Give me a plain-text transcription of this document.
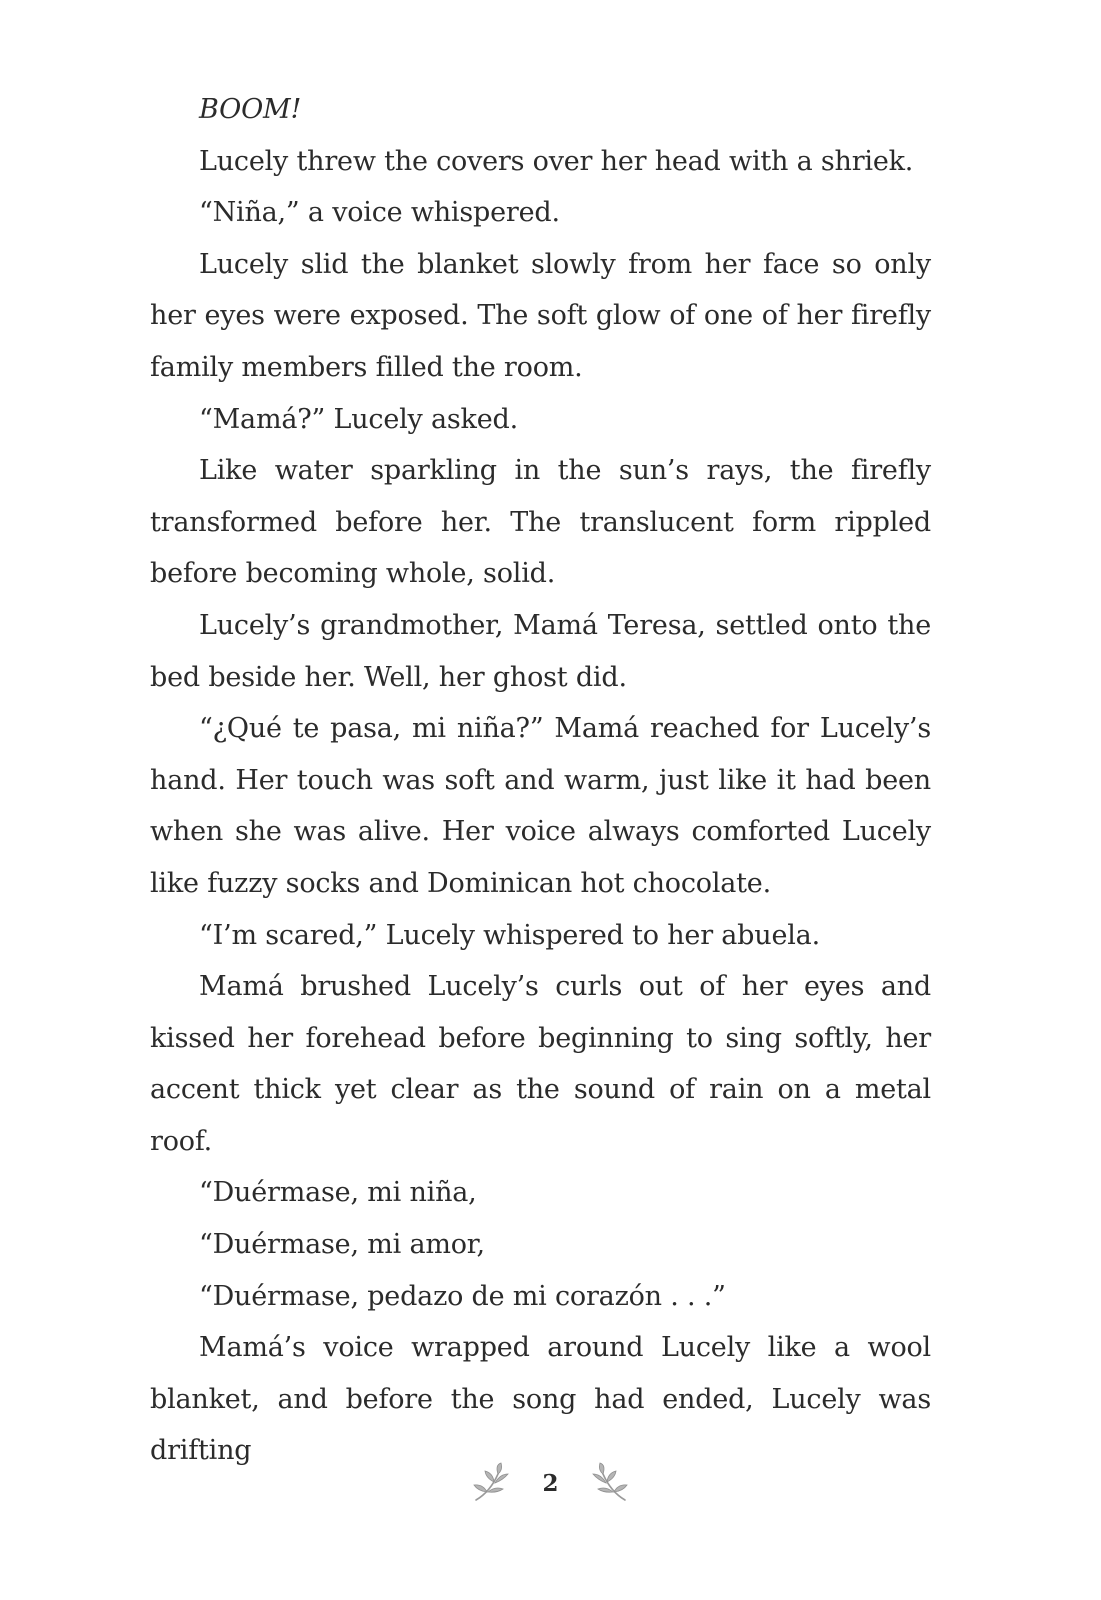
BOOM!

Lucely threw the covers over her head with a shriek.

“Niña,” a voice whispered.

Lucely slid the blanket slowly from her face so only her eyes were exposed. The soft glow of one of her firefly family members filled the room.

“Mamá?” Lucely asked.

Like water sparkling in the sun’s rays, the firefly transformed before her. The translucent form rippled before becoming whole, solid.

Lucely’s grandmother, Mamá Teresa, settled onto the bed beside her. Well, her ghost did.

“¿Qué te pasa, mi niña?” Mamá reached for Lucely’s hand. Her touch was soft and warm, just like it had been when she was alive. Her voice always comforted Lucely like fuzzy socks and Dominican hot chocolate.

“I’m scared,” Lucely whispered to her abuela.

Mamá brushed Lucely’s curls out of her eyes and kissed her forehead before beginning to sing softly, her accent thick yet clear as the sound of rain on a metal roof.

“Duérmase, mi niña,

“Duérmase, mi amor,

“Duérmase, pedazo de mi corazón . . .”

Mamá’s voice wrapped around Lucely like a wool blanket, and before the song had ended, Lucely was drifting

2
